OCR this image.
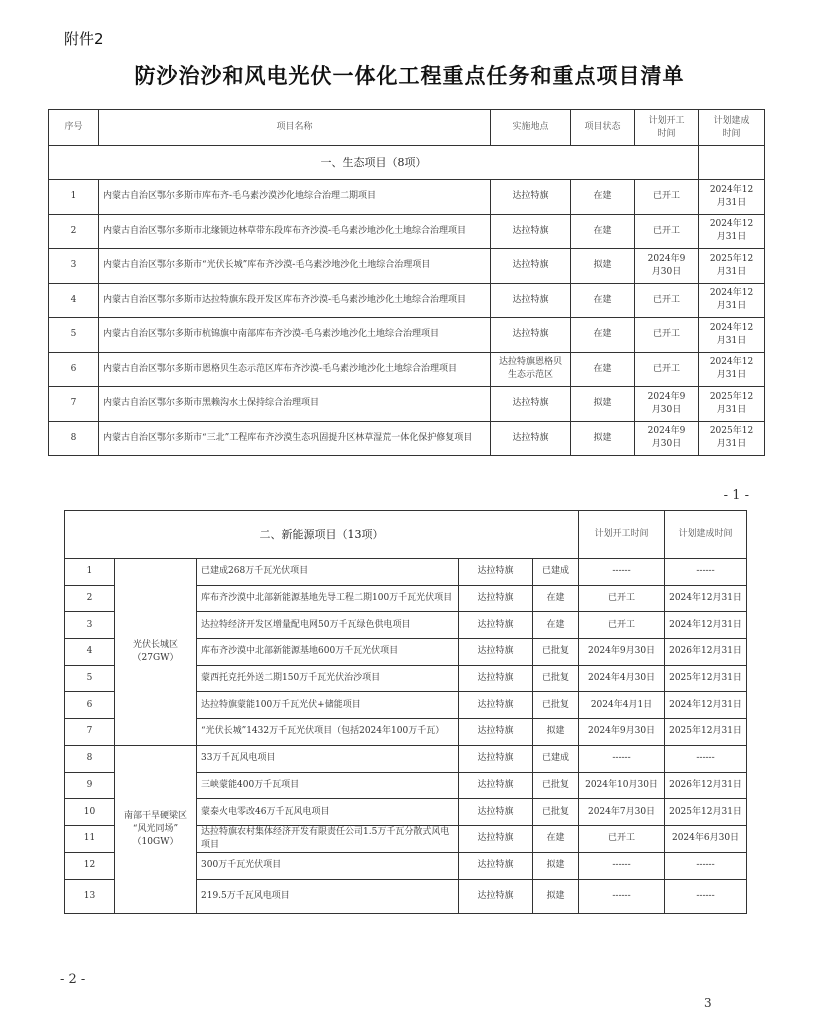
附件2
防沙治沙和风电光伏一体化工程重点任务和重点项目清单
序号	项目名称	实施地点	项目状态	计划开工
时间	计划建成
时间
一、生态项目（8项）					
1	内蒙古自治区鄂尔多斯市库布齐-毛乌素沙漠沙化地综合治理二期项目	达拉特旗	在建	已开工	2024年12
月31日
2	内蒙古自治区鄂尔多斯市北缘锁边林草带东段库布齐沙漠-毛乌素沙地沙化土地综合治理项目	达拉特旗	在建	已开工	2024年12
月31日
3	内蒙古自治区鄂尔多斯市“光伏长城”库布齐沙漠-毛乌素沙地沙化土地综合治理项目	达拉特旗	拟建	2024年9
月30日	2025年12
月31日
4	内蒙古自治区鄂尔多斯市达拉特旗东段开发区库布齐沙漠-毛乌素沙地沙化土地综合治理项目	达拉特旗	在建	已开工	2024年12
月31日
5	内蒙古自治区鄂尔多斯市杭锦旗中南部库布齐沙漠-毛乌素沙地沙化土地综合治理项目	达拉特旗	在建	已开工	2024年12
月31日
6	内蒙古自治区鄂尔多斯市恩格贝生态示范区库布齐沙漠-毛乌素沙地沙化土地综合治理项目	达拉特旗恩格贝
生态示范区	在建	已开工	2024年12
月31日
7	内蒙古自治区鄂尔多斯市黑赖沟水土保持综合治理项目	达拉特旗	拟建	2024年9
月30日	2025年12
月31日
8	内蒙古自治区鄂尔多斯市“三北”工程库布齐沙漠生态巩固提升区林草湿荒一体化保护修复项目	达拉特旗	拟建	2024年9
月30日	2025年12
月31日
- 1 -
二、新能源项目（13项）					计划开工时间	计划建成时间
1	光伏长城区
（27GW）	已建成268万千瓦光伏项目	达拉特旗	已建成	------	------
2		库布齐沙漠中北部新能源基地先导工程二期100万千瓦光伏项目	达拉特旗	在建	已开工	2024年12月31日
3		达拉特经济开发区增量配电网50万千瓦绿色供电项目	达拉特旗	在建	已开工	2024年12月31日
4		库布齐沙漠中北部新能源基地600万千瓦光伏项目	达拉特旗	已批复	2024年9月30日	2026年12月31日
5		蒙西托克托外送二期150万千瓦光伏治沙项目	达拉特旗	已批复	2024年4月30日	2025年12月31日
6		达拉特旗蒙能100万千瓦光伏+储能项目	达拉特旗	已批复	2024年4月1日	2024年12月31日
7		“光伏长城”1432万千瓦光伏项目（包括2024年100万千瓦）	达拉特旗	拟建	2024年9月30日	2025年12月31日
8	南部干旱硬梁区
“风光同场”
（10GW）	33万千瓦风电项目	达拉特旗	已建成	------	------
9		三峡蒙能400万千瓦项目	达拉特旗	已批复	2024年10月30日	2026年12月31日
10		蒙泰火电零改46万千瓦风电项目	达拉特旗	已批复	2024年7月30日	2025年12月31日
11		达拉特旗农村集体经济开发有限责任公司1.5万千瓦分散式风电项目	达拉特旗	在建	已开工	2024年6月30日
12		300万千瓦光伏项目	达拉特旗	拟建	------	------
13		219.5万千瓦风电项目	达拉特旗	拟建	------	------
- 2 -
3
